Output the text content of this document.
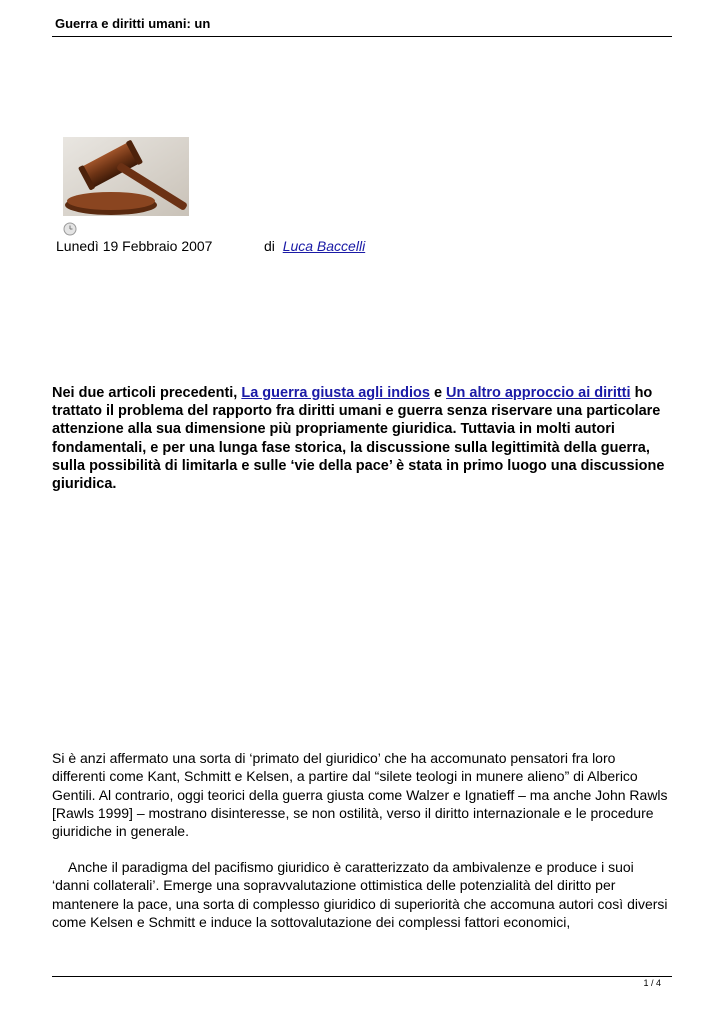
Guerra e diritti umani: un
Lunedì 19 Febbraio 2007	di Luca Baccelli
Nei due articoli precedenti, La guerra giusta agli indios e Un altro approccio ai diritti ho trattato il problema del rapporto fra diritti umani e guerra senza riservare una particolare attenzione alla sua dimensione più propriamente giuridica. Tuttavia in molti autori fondamentali, e per una lunga fase storica, la discussione sulla legittimità della guerra, sulla possibilità di limitarla e sulle ‘vie della pace’ è stata in primo luogo una discussione giuridica.
Si è anzi affermato una sorta di ‘primato del giuridico’ che ha accomunato pensatori fra loro differenti come Kant, Schmitt e Kelsen, a partire dal “silete teologi in munere alieno” di Alberico Gentili. Al contrario, oggi teorici della guerra giusta come Walzer e Ignatieff – ma anche John Rawls [Rawls 1999] – mostrano disinteresse, se non ostilità, verso il diritto internazionale e le procedure giuridiche in generale.
Anche il paradigma del pacifismo giuridico è caratterizzato da ambivalenze e produce i suoi ‘danni collaterali’. Emerge una sopravvalutazione ottimistica delle potenzialità del diritto per mantenere la pace, una sorta di complesso giuridico di superiorità che accomuna autori così diversi come Kelsen e Schmitt e induce la sottovalutazione dei complessi fattori economici,
1 / 4
